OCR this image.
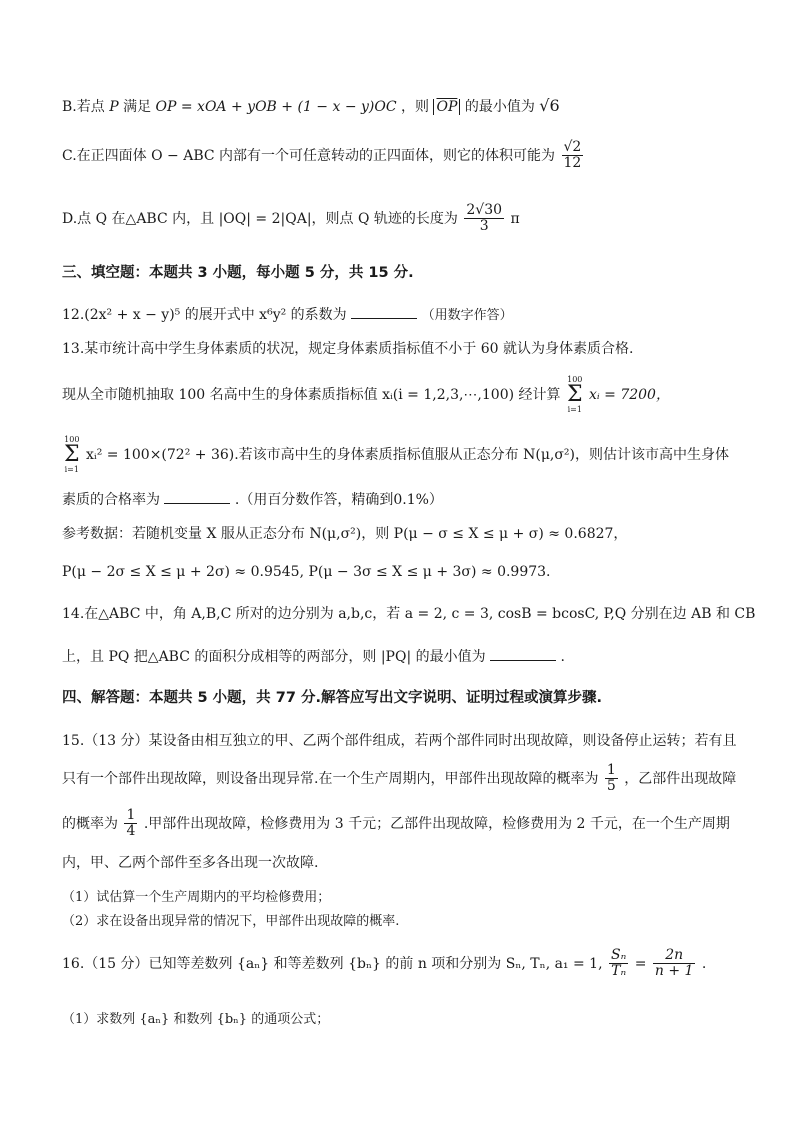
B.若点 P 满足 OP = xOA + yOB + (1 − x − y)OC ，则 $\overline{OP}$ 的最小值为 √6
C.在正四面体 O − ABC 内部有一个可任意转动的正四面体，则它的体积可能为 $\frac{√2}{12}$
D.点 Q 在△ABC 内，且 |OQ| = 2|QA|，则点 Q 轨迹的长度为 $\frac{2√30}{3}$ π
三、填空题：本题共 3 小题，每小题 5 分，共 15 分.
12.(2x² + x − y)⁵ 的展开式中 x⁶y² 的系数为	（用数字作答）
13.某市统计高中学生身体素质的状况，规定身体素质指标值不小于 60 就认为身体素质合格.
现从全市随机抽取 100 名高中生的身体素质指标值 xᵢ(i = 1,2,3,⋯,100) 经计算
100
Σ
i=1
xᵢ = 7200，
100
Σ
i=1
xᵢ² = 100×(72² + 36).若该市高中生的身体素质指标值服从正态分布 N(μ,σ²)，则估计该市高中生身体
素质的合格率为	.（用百分数作答，精确到0.1%）
参考数据：若随机变量 X 服从正态分布 N(μ,σ²)，则 P(μ − σ ≤ X ≤ μ + σ) ≈ 0.6827，
P(μ − 2σ ≤ X ≤ μ + 2σ) ≈ 0.9545, P(μ − 3σ ≤ X ≤ μ + 3σ) ≈ 0.9973.
14.在△ABC 中，角 A,B,C 所对的边分别为 a,b,c，若 a = 2, c = 3, cosB = bcosC, P,Q 分别在边 AB 和 CB
上，且 PQ 把△ABC 的面积分成相等的两部分，则 |PQ| 的最小值为	.
四、解答题：本题共 5 小题，共 77 分.解答应写出文字说明、证明过程或演算步骤.
15.（13 分）某设备由相互独立的甲、乙两个部件组成，若两个部件同时出现故障，则设备停止运转；若有且
只有一个部件出现故障，则设备出现异常.在一个生产周期内，甲部件出现故障的概率为 $\frac{1}{5}$ ，乙部件出现故障
的概率为 $\frac{1}{4}$ .甲部件出现故障，检修费用为 3 千元；乙部件出现故障，检修费用为 2 千元，在一个生产周期
内，甲、乙两个部件至多各出现一次故障.
（1）试估算一个生产周期内的平均检修费用；
（2）求在设备出现异常的情况下，甲部件出现故障的概率.
16.（15 分）已知等差数列 {aₙ} 和等差数列 {bₙ} 的前 n 项和分别为 Sₙ, Tₙ, a₁ = 1, $\frac{\text{Sₙ}}{\text{Tₙ}} = \frac{2n}{n + 1}$ .
（1）求数列 {aₙ} 和数列 {bₙ} 的通项公式；
